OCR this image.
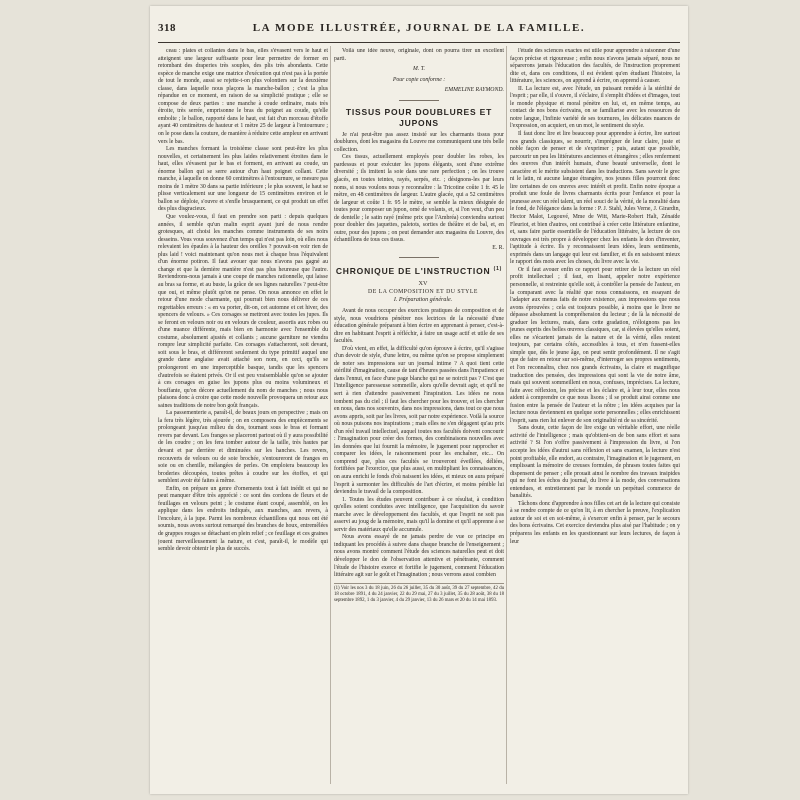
318	LA MODE ILLUSTRÉE, JOURNAL DE LA FAMILLE.

ceau : plates et collantes dans le bas, elles s'évasent vers le haut et atteignent une largeur suffisante pour leur permettre de former en retombant des draperies très souples, des plis très abondants. Cette espèce de manche exige une matrice d'exécution qui n'est pas à la portée de tout le monde, aussi se rejette-t-on plus volontiers sur la deuxième classe, dans laquelle nous plaçons la manche-ballon ; c'est la plus répandue en ce moment, en raison de sa simplicité pratique ; elle se compose de deux parties : une manche à coude ordinaire, mais très étroite, très serrée, emprisonne le bras du poignet au coude, qu'elle embolte ; le ballon, rapporté dans le haut, est fait d'un morceau d'étoffe ayant 40 centimètres de hauteur et 1 mètre 25 de largeur à l'entournure ; on le pose dans la couture, de manière à réduire cette ampleur en arrivant vers le bas.

Les manches formant la troisième classe sont peut-être les plus nouvelles, et certainement les plus laides relativement étroites dans le haut, elles s'évasent par le bas et forment, en arrivant au coude, un énorme ballon qui se serre autour d'un haut poignet collant. Cette manche, à laquelle on donne 60 centimètres à l'entournure, se mesure pas moins de 1 mètre 30 dans sa partie inférieure ; le plus souvent, le haut se plisse verticalement sur une longueur de 15 centimètres environ et le ballon se déploie, s'ouvre et s'enfle brusquement, ce qui produit un effet des plus disgracieux.

Que voulez-vous, il faut en prendre son parti : depuis quelques années, il semble qu'un malin esprit ayant juré de nous rendre grotesques, ait choisi les manches comme instruments de ses noirs desseins. Vous vous souvenez d'un temps qui n'est pas loin, où elles nous relevaient les épaules à la hauteur des oreilles ? pouvait-on voir rien de plus laid ! voici maintenant qu'on nous met à chaque bras l'équivalent d'un énorme potiron. Il faut avouer que nous n'avons pas gagné au change et que la dernière manière n'est pas plus heureuse que l'autre. Reviendrons-nous jamais à une coupe de manches rationnelle, qui laisse au bras sa forme, et au buste, la grâce de ses lignes naturelles ? peut-être que oui, et même plutôt qu'on ne pense. On nous annonce en effet le retour d'une mode charmante, qui pourrait bien nous délivrer de ces regrettables erreurs : « en va porter, dit-on, cet automne et cet hiver, des spencers de velours. » Ces corsages se mettront avec toutes les jupes. Ils se feront en velours noir ou en velours de couleur, assortis aux robes ou d'une nuance différente, mais bien en harmonie avec l'ensemble du costume, absolument ajustés et collants ; aucune garniture ne viendra rompre leur simplicité parfaite. Ces corsages s'attacheront, soit devant, soit sous le bras, et différeront seulement du type primitif auquel une grande dame anglaise avait attaché son nom, en ceci, qu'ils se prolongeront en une imperceptible basque, tandis que les spencers d'autrefois se étaient privés. Or il est peu vraisemblable qu'on se ajouter à ces corsages en guise les jupons plus ou moins volumineux et bouffante, qu'on décore actuellement du nom de manches ; nous nous plaisons donc à croire que cette mode nouvelle provoquera un retour aux saines traditions de notre bon goût français.

La passementerie a, paraît-il, de beaux jours en perspective ; mais on la fera très légère, très ajourée ; on en composera des empiècements se prolongeant jusqu'au milieu du dos, tournant sous le bras et formant revers par devant. Les franges se placeront partout où il y aura possibilité de les coudre ; on les fera tomber autour de la taille, très hautes par devant et par derrière et diminuées sur les hanches. Les revers, recouverts de velours ou de soie brochée, s'entoureront de franges en soie ou en chenille, mélangées de perles. On emploiera beaucoup les broderies découpées, toutes prêtes à coudre sur les étoffes, et qui semblent avoir été faites à même.

Enfin, on prépare un genre d'ornements tout à fait inédit et qui ne peut manquer d'être très apprécié : ce sont des cordons de fleurs et de feuillages en velours peint ; le costume étant coupé, assemblé, on les applique dans les endroits indiqués, aux manches, aux revers, à l'encolure, à la jupe. Parmi les nombreux échantillons qui nous ont été soumis, nous avons surtout remarqué des branches de houx, entremêlées de grappes rouges se détachant en plein relief ; ce feuillage et ces graines jouent merveilleusement la nature, et c'est, paraît-il, le modèle qui semble devoir obtenir le plus de succès.

Voilà une idée neuve, originale, dont on pourra tirer un excellent parti.

M. T.

Pour copie conforme :

EMMELINE RAYMOND.

TISSUS POUR DOUBLURES ET JUPONS

Je n'ai peut-être pas assez insisté sur les charmants tissus pour doublures, dont les magasins du Louvre me communiquent une très belle collection.

Ces tissus, actuellement employés pour doubler les robes, les pardessus et pour exécuter les jupons élégants, sont d'une extrême diversité ; ils imitent la soie dans une rare perfection ; on les trouve glacés, en toutes teintes, rayés, serpés, etc. ; désignons-les par leurs noms, si nous voulons nous y reconnaître : la Tricotine coûte 1 fr. 45 le mètre, en 48 centimètres de largeur. L'autre glacée, qui a 52 centimètres de largeur et coûte 1 fr. 95 le mètre, se semble la mieux désignée de toutes pour composer un jupon, orné de volants, et, si l'on veut, d'un peu de dentelle ; le satin rayé (même prix que l'Ambréa) conviendra surtout pour doubler des jaquettes, paletots, sorties de théâtre et de bal, et, en outre, pour des jupons ; on peut demander aux magasins du Louvre, des échantillons de tous ces tissus.

E. R.

CHRONIQUE DE L'INSTRUCTION $^{(1)}$

XV

DE LA COMPOSITION ET DU STYLE

I. Préparation générale.

Avant de nous occuper des exercices pratiques de composition et de style, nous voudrions pénétrer nos lectrices de la nécessité d'une éducation générale préparant à bien écrire en apprenant à penser, c'est-à-dire en habituant l'esprit à réfléchir, à faire un usage actif et utile de ses facultés.

D'où vient, en effet, la difficulté qu'on éprouve à écrire, qu'il s'agisse d'un devoir de style, d'une lettre, ou même qu'on se propose simplement de noter ses impressions sur un journal intime ? A quoi tient cette stérilité d'imagination, cause de tant d'heures passées dans l'impatience et dans l'ennui, en face d'une page blanche qui ne se noircit pas ? C'est que l'intelligence paresseuse sommeille, alors qu'elle devrait agir, et qu'il ne sert à rien d'attendre passivement l'inspiration. Les idées ne nous tombent pas du ciel ; il faut les chercher pour les trouver, et les chercher en nous, dans nos souvenirs, dans nos impressions, dans tout ce que nous avons appris, soit par les livres, soit par notre expérience. Voilà la source où nous puisons nos inspirations ; mais elles ne s'en dégagent qu'au prix d'un réel travail intellectuel, auquel toutes nos facultés doivent concourir : l'imagination pour créer des formes, des combinaisons nouvelles avec les données que lui fournit la mémoire, le jugement pour rapprocher et comparer les idées, le raisonnement pour les enchaîner, etc... On comprend que, plus ces facultés se trouveront éveillées, déliées, fortifiées par l'exercice, que plus aussi, en multipliant les connaissances, on aura enrichi le fonds d'où naissent les idées, et mieux on aura préparé l'esprit à surmonter les difficultés de l'art d'écrire, et moins pénible lui deviendra le travail de la composition.

1. Toutes les études peuvent contribuer à ce résultat, à condition qu'elles soient conduites avec intelligence, que l'acquisition du savoir marche avec le développement des facultés, et que l'esprit ne soit pas asservi au joug de la mémoire, mais qu'il la domine et qu'il apprenne à se servir des matériaux qu'elle accumule.

Nous avons essayé de ne jamais perdre de vue ce principe en indiquant les procédés à suivre dans chaque branche de l'enseignement ; nous avons montré comment l'étude des sciences naturelles peut et doit développer le don de l'observation attentive et pénétrante, comment l'étude de l'histoire exerce et fortifie le jugement, comment l'éducation littéraire agit sur le goût et l'imagination ; nous verrons aussi combien

(1) Voir les nos 3 du 18 juin, 26 du 26 juillet, 35 du 30 août, 39 du 27 septembre, 42 du 18 octobre 1891, 4 du 24 janvier, 22 du 29 mai, 27 du 3 juillet, 35 du 28 août, 38 du 18 septembre 1892, 1 du 3 janvier, 4 du 29 janvier, 13 du 26 mars et 20 du 14 mai 1893.

l'étude des sciences exactes est utile pour apprendre à raisonner d'une façon précise et rigoureuse ; enfin nous n'avons jamais séparé, nous ne séparerons jamais l'éducation des facultés, de l'instruction proprement dite et, dans ces conditions, il est évident qu'en étudiant l'histoire, la littérature, les sciences, on apprend à écrire, on apprend à causer.

II. La lecture est, avec l'étude, un puissant remède à la stérilité de l'esprit ; par elle, il s'ouvre, il s'éclaire, il s'emplit d'idées et d'images, tout le monde physique et moral pénètre en lui, et, en même temps, au contact de nos bons écrivains, on se familiarise avec les ressources de notre langue, l'infinie variété de ses tournures, les délicates nuances de l'expression, on acquiert, en un mot, le sentiment du style.

Il faut donc lire et lire beaucoup pour apprendre à écrire, lire surtout nos grands classiques, se nourrir, s'imprégner de leur claire, juste et noble façon de penser et de s'exprimer ; puis, autant que possible, parcourir un peu les littératures anciennes et étrangères ; elles renferment des œuvres d'un intérêt humain, d'une beauté universelle, dont le caractère et le mérite subsistent dans les traductions. Sans savoir le grec ni le latin, ni aucune langue étrangère, nos jeunes filles pourront donc lire certaines de ces œuvres avec intérêt et profit. Enfin notre époque a produit une foule de livres charmants écrits pour l'enfance et pour la jeunesse avec un réel talent, un réel souci de la vérité, de la moralité dans le fond, de l'élégance dans la forme : P. J. Stahl, Jules Verne, J. Girardin, Hector Malot, Legouvé, Mme de Witt, Marie-Robert Halt, Zénaïde Fleuriot, et bien d'autres, ont contribué à créer cette littérature enfantine, et, sans faire partie essentielle de l'éducation littéraire, la lecture de ces ouvrages est très propre à développer chez les enfants le don d'inventer, l'aptitude à écrire. Ils y reconnaissent leurs idées, leurs sentiments, exprimés dans un langage qui leur est familier, et ils en saisissent mieux le rapport des mots avec les choses, du livre avec la vie.

Or il faut avouer enfin ce rapport pour retirer de la lecture un réel profit intellectuel ; il faut, en lisant, appeler notre expérience personnelle, si restreinte qu'elle soit, à contrôler la pensée de l'auteur, en la comparant avec la réalité que nous connaissons, en essayant de l'adapter aux menus faits de notre existence, aux impressions que nous avons éprouvées ; cela est toujours possible, à moins que le livre ne dépasse absolument la compréhension du lecteur ; de là la nécessité de graduer les lectures, mais, dans cette gradation, n'éloignons pas les jeunes esprits des belles œuvres classiques, car, si élevées qu'elles soient, elles ne s'écartent jamais de la nature et de la vérité, elles restent toujours, par certains côtés, accessibles à tous, et n'en fussent-elles simple que, dès le jeune âge, on peut sentir profondément. Il ne s'agit que de faire en retour sur soi-même, d'interroger ses propres sentiments, et l'on reconnaîtra, chez nos grands écrivains, la claire et magnifique traduction des pensées, des impressions qui sont la vie de notre âme, mais qui souvent sommeillent en nous, confuses, imprécises. La lecture, faite avec réflexion, les précise et les éclaire et, à leur tour, elles nous aident à comprendre ce que nous lisons ; il se produit ainsi comme une fusion entre la pensée de l'auteur et la nôtre ; les idées acquises par la lecture nous deviennent en quelque sorte personnelles ; elles enrichissent l'esprit, sans rien lui enlever de son originalité ni de sa sincérité.

Sans doute, cette façon de lire exige un véritable effort, une réelle activité de l'intelligence ; mais qu'obtient-on de bon sans effort et sans activité ? Si l'on s'offre passivement à l'impression du livre, si l'on accepte les idées d'autrui sans réflexion et sans examen, la lecture n'est point profitable, elle endort, au contraire, l'imagination et le jugement, en emplissant la mémoire de creuses formules, de phrases toutes faites qui dispensent de penser ; elle prouait ainsi le nombre des travaux insipides qui ne font les échos du journal, du livre à la mode, des conversations entendues, et entretiennent par le monde un perpétuel commerce de banalités.

Tâchons donc d'apprendre à nos filles cet art de la lecture qui consiste à se rendre compte de ce qu'on lit, à en chercher la preuve, l'explication autour de soi et en soi-même, à s'exercer enfin à penser, par le secours des bons écrivains. Cet exercice deviendra plus aisé par l'habitude ; on y préparera les enfants en les questionnant sur leurs lectures, de façon à leur
